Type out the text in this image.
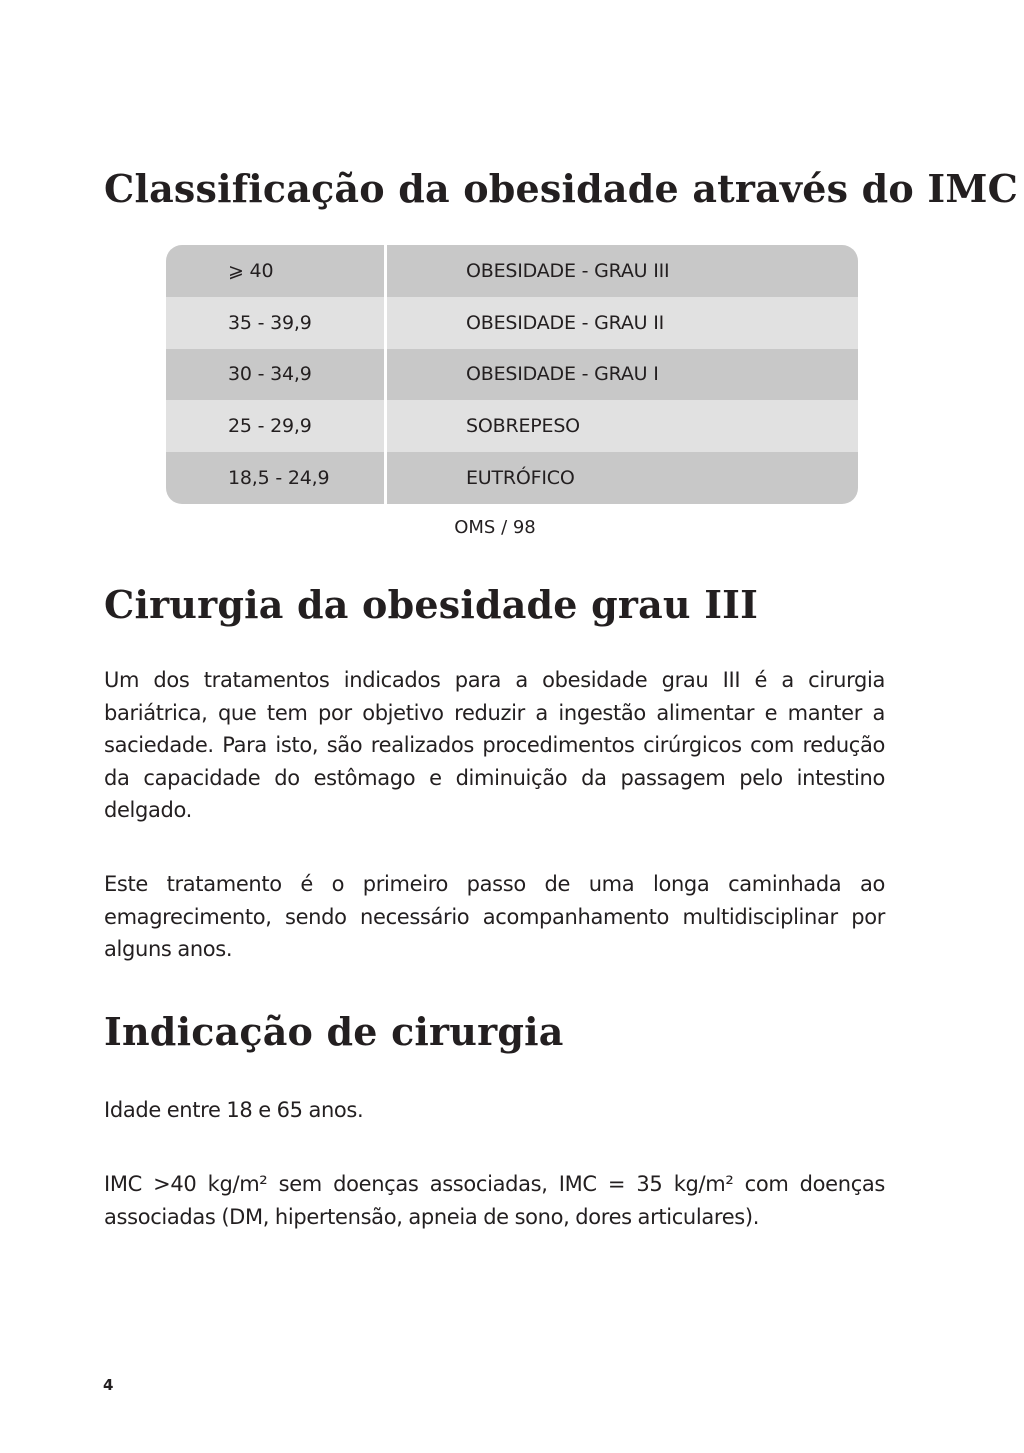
Classificação da obesidade através do IMC
⩾ 40	OBESIDADE - GRAU III
35 - 39,9	OBESIDADE - GRAU II
30 - 34,9	OBESIDADE - GRAU I
25 - 29,9	SOBREPESO
18,5 - 24,9	EUTRÓFICO
OMS / 98
Cirurgia da obesidade grau III

Um dos tratamentos indicados para a obesidade grau III é a cirurgia bariátrica, que tem por objetivo reduzir a ingestão alimentar e manter a saciedade. Para isto, são realizados procedimentos cirúrgicos com redução da capacidade do estômago e diminuição da passagem pelo intestino delgado.

Este tratamento é o primeiro passo de uma longa caminhada ao emagrecimento, sendo necessário acompanhamento multidisciplinar por alguns anos.

Indicação de cirurgia

Idade entre 18 e 65 anos.

IMC >40 kg/m² sem doenças associadas, IMC = 35 kg/m² com doenças associadas (DM, hipertensão, apneia de sono, dores articulares).

4
